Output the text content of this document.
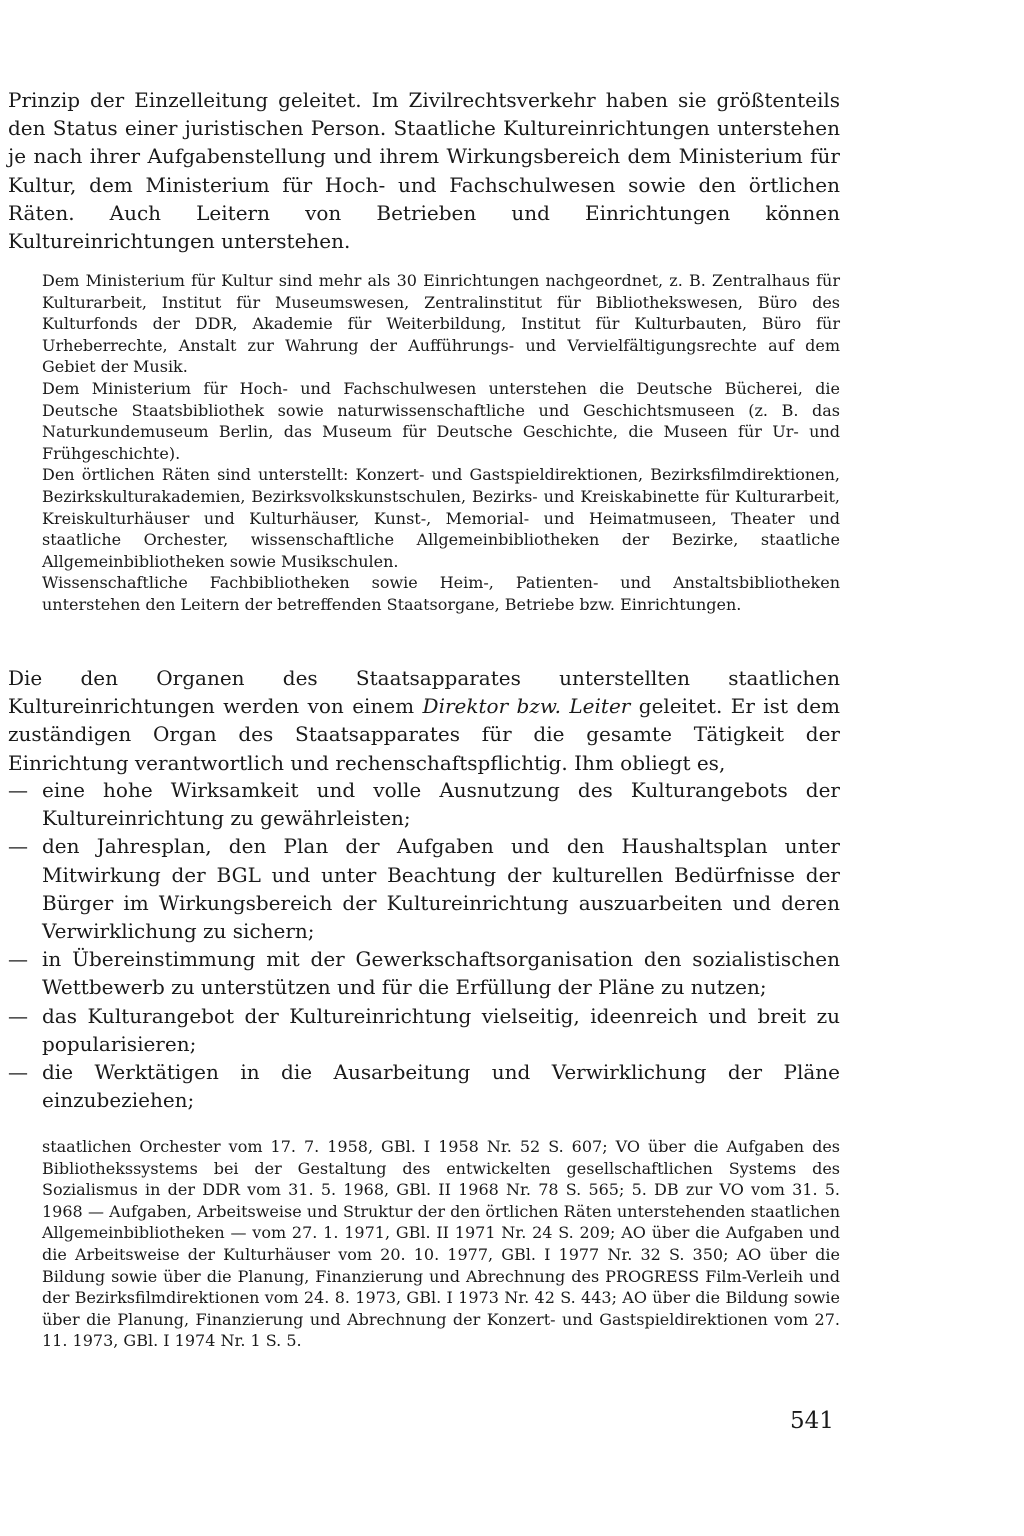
Prinzip der Einzelleitung geleitet. Im Zivilrechtsverkehr haben sie größtenteils den Status einer juristischen Person. Staatliche Kultureinrichtungen unterstehen je nach ihrer Aufgabenstellung und ihrem Wirkungsbereich dem Ministerium für Kultur, dem Ministerium für Hoch- und Fachschulwesen sowie den örtlichen Räten. Auch Leitern von Betrieben und Einrichtungen können Kultureinrichtungen unterstehen.

Dem Ministerium für Kultur sind mehr als 30 Einrichtungen nachgeordnet, z. B. Zentralhaus für Kulturarbeit, Institut für Museumswesen, Zentralinstitut für Bibliothekswesen, Büro des Kulturfonds der DDR, Akademie für Weiterbildung, Institut für Kulturbauten, Büro für Urheberrechte, Anstalt zur Wahrung der Aufführungs- und Vervielfältigungsrechte auf dem Gebiet der Musik.

Dem Ministerium für Hoch- und Fachschulwesen unterstehen die Deutsche Bücherei, die Deutsche Staatsbibliothek sowie naturwissenschaftliche und Geschichtsmuseen (z. B. das Naturkundemuseum Berlin, das Museum für Deutsche Geschichte, die Museen für Ur- und Frühgeschichte).

Den örtlichen Räten sind unterstellt: Konzert- und Gastspieldirektionen, Bezirksfilmdirektionen, Bezirkskulturakademien, Bezirksvolkskunstschulen, Bezirks- und Kreiskabinette für Kulturarbeit, Kreiskulturhäuser und Kulturhäuser, Kunst-, Memorial- und Heimatmuseen, Theater und staatliche Orchester, wissenschaftliche Allgemeinbibliotheken der Bezirke, staatliche Allgemeinbibliotheken sowie Musikschulen.

Wissenschaftliche Fachbibliotheken sowie Heim-, Patienten- und Anstaltsbibliotheken unterstehen den Leitern der betreffenden Staatsorgane, Betriebe bzw. Einrichtungen.

Die den Organen des Staatsapparates unterstellten staatlichen Kultureinrichtungen werden von einem Direktor bzw. Leiter geleitet. Er ist dem zuständigen Organ des Staatsapparates für die gesamte Tätigkeit der Einrichtung verantwortlich und rechenschaftspflichtig. Ihm obliegt es,

— eine hohe Wirksamkeit und volle Ausnutzung des Kulturangebots der Kultureinrichtung zu gewährleisten;
— den Jahresplan, den Plan der Aufgaben und den Haushaltsplan unter Mitwirkung der BGL und unter Beachtung der kulturellen Bedürfnisse der Bürger im Wirkungsbereich der Kultureinrichtung auszuarbeiten und deren Verwirklichung zu sichern;
— in Übereinstimmung mit der Gewerkschaftsorganisation den sozialistischen Wettbewerb zu unterstützen und für die Erfüllung der Pläne zu nutzen;
— das Kulturangebot der Kultureinrichtung vielseitig, ideenreich und breit zu popularisieren;
— die Werktätigen in die Ausarbeitung und Verwirklichung der Pläne einzubeziehen;

staatlichen Orchester vom 17. 7. 1958, GBl. I 1958 Nr. 52 S. 607; VO über die Aufgaben des Bibliothekssystems bei der Gestaltung des entwickelten gesellschaftlichen Systems des Sozialismus in der DDR vom 31. 5. 1968, GBl. II 1968 Nr. 78 S. 565; 5. DB zur VO vom 31. 5. 1968 — Aufgaben, Arbeitsweise und Struktur der den örtlichen Räten unterstehenden staatlichen Allgemeinbibliotheken — vom 27. 1. 1971, GBl. II 1971 Nr. 24 S. 209; AO über die Aufgaben und die Arbeitsweise der Kulturhäuser vom 20. 10. 1977, GBl. I 1977 Nr. 32 S. 350; AO über die Bildung sowie über die Planung, Finanzierung und Abrechnung des PROGRESS Film-Verleih und der Bezirksfilmdirektionen vom 24. 8. 1973, GBl. I 1973 Nr. 42 S. 443; AO über die Bildung sowie über die Planung, Finanzierung und Abrechnung der Konzert- und Gastspieldirektionen vom 27. 11. 1973, GBl. I 1974 Nr. 1 S. 5.

541
